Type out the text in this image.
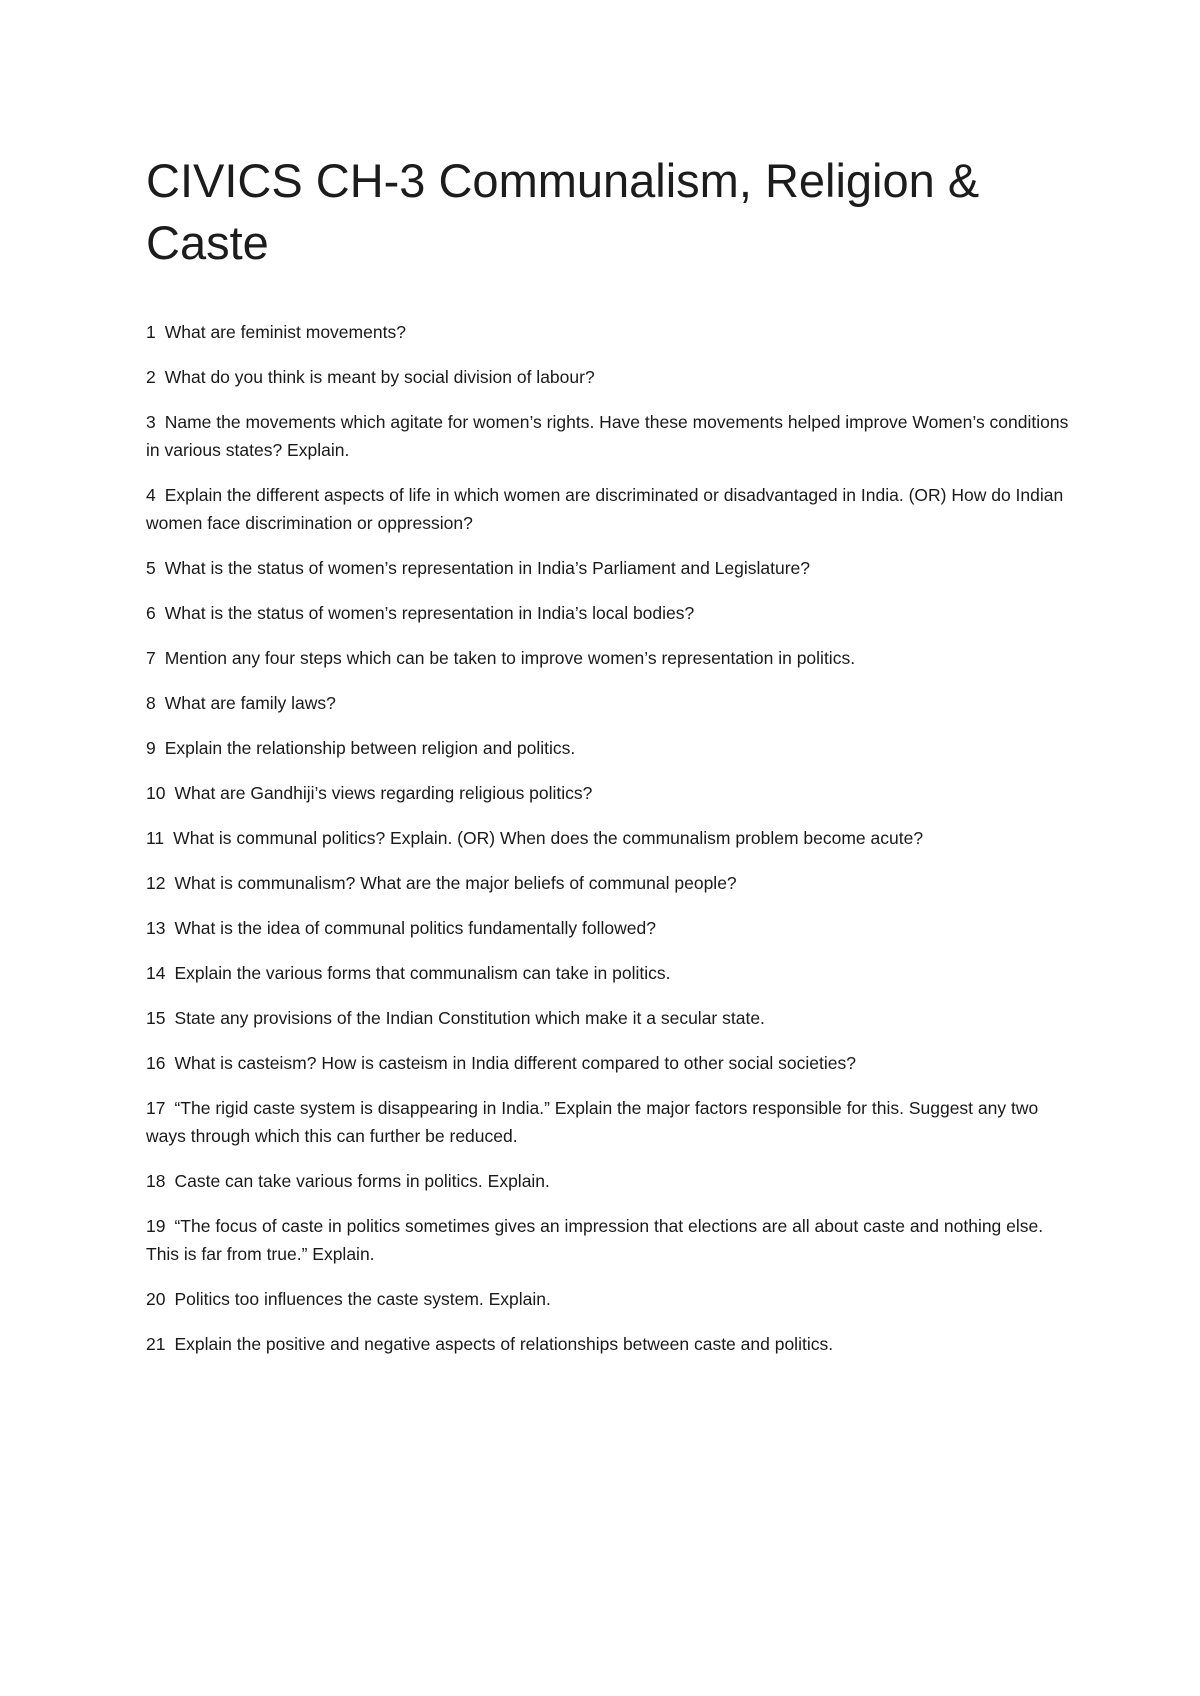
CIVICS CH-3 Communalism, Religion & Caste
1 What are feminist movements?
2 What do you think is meant by social division of labour?
3 Name the movements which agitate for women’s rights. Have these movements helped improve Women’s conditions in various states? Explain.
4 Explain the different aspects of life in which women are discriminated or disadvantaged in India. (OR) How do Indian women face discrimination or oppression?
5 What is the status of women’s representation in India’s Parliament and Legislature?
6 What is the status of women’s representation in India’s local bodies?
7 Mention any four steps which can be taken to improve women’s representation in politics.
8 What are family laws?
9 Explain the relationship between religion and politics.
10 What are Gandhiji’s views regarding religious politics?
11 What is communal politics? Explain. (OR) When does the communalism problem become acute?
12 What is communalism? What are the major beliefs of communal people?
13 What is the idea of communal politics fundamentally followed?
14 Explain the various forms that communalism can take in politics.
15 State any provisions of the Indian Constitution which make it a secular state.
16 What is casteism? How is casteism in India different compared to other social societies?
17 “The rigid caste system is disappearing in India.” Explain the major factors responsible for this. Suggest any two ways through which this can further be reduced.
18 Caste can take various forms in politics. Explain.
19 “The focus of caste in politics sometimes gives an impression that elections are all about caste and nothing else. This is far from true.” Explain.
20 Politics too influences the caste system. Explain.
21 Explain the positive and negative aspects of relationships between caste and politics.
